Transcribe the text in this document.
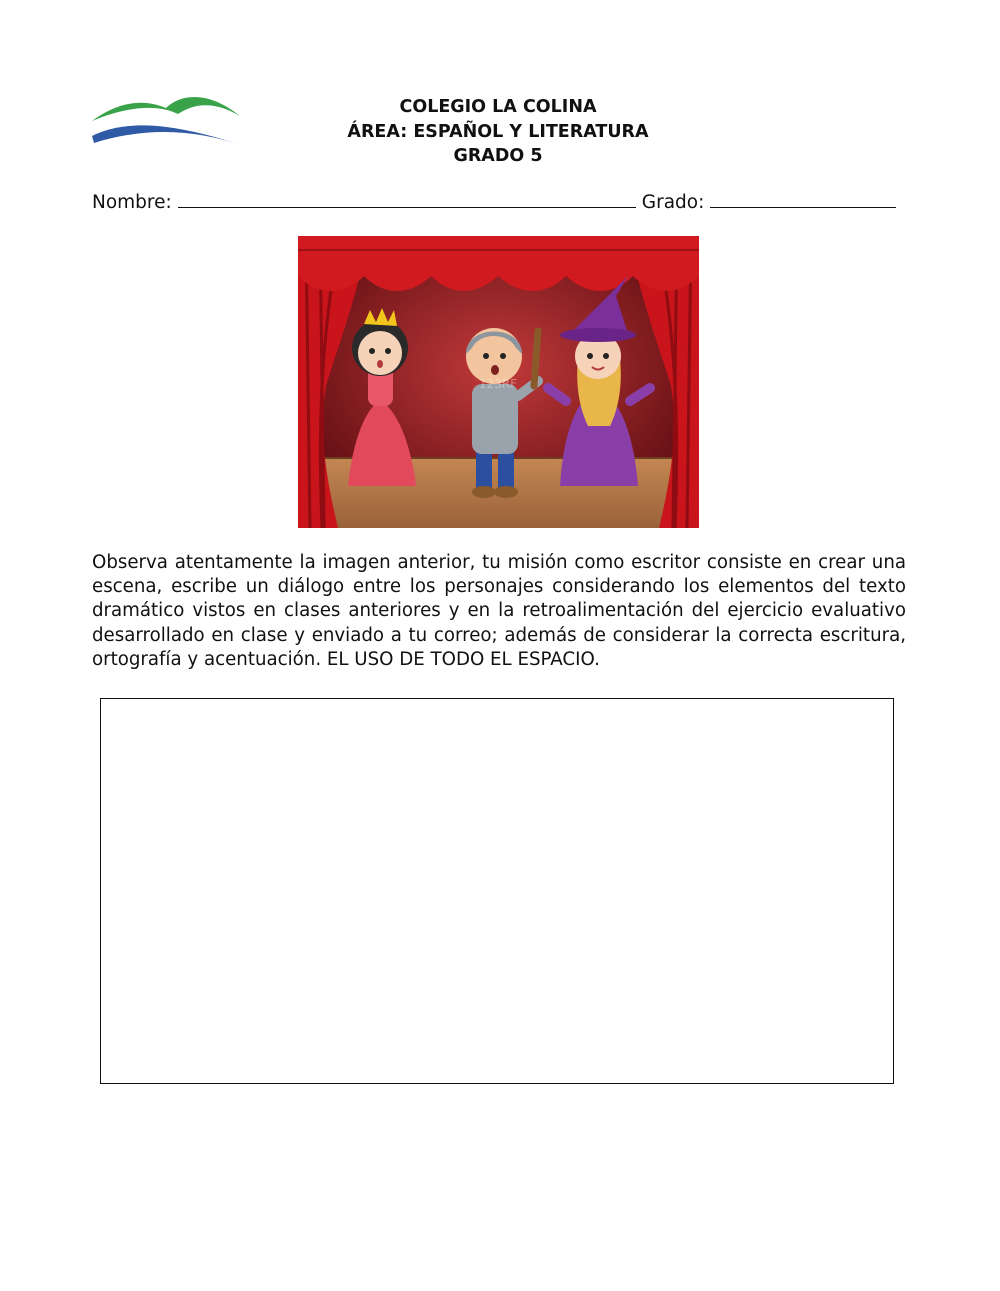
COLEGIO LA COLINA
ÁREA: ESPAÑOL Y LITERATURA
GRADO 5
Nombre:	Grado:
123RF
Observa atentamente la imagen anterior, tu misión como escritor consiste en crear una escena, escribe un diálogo entre los personajes considerando los elementos del texto dramático vistos en clases anteriores y en la retroalimentación del ejercicio evaluativo desarrollado en clase y enviado a tu correo; además de considerar la correcta escritura, ortografía y acentuación. EL USO DE TODO EL ESPACIO.
